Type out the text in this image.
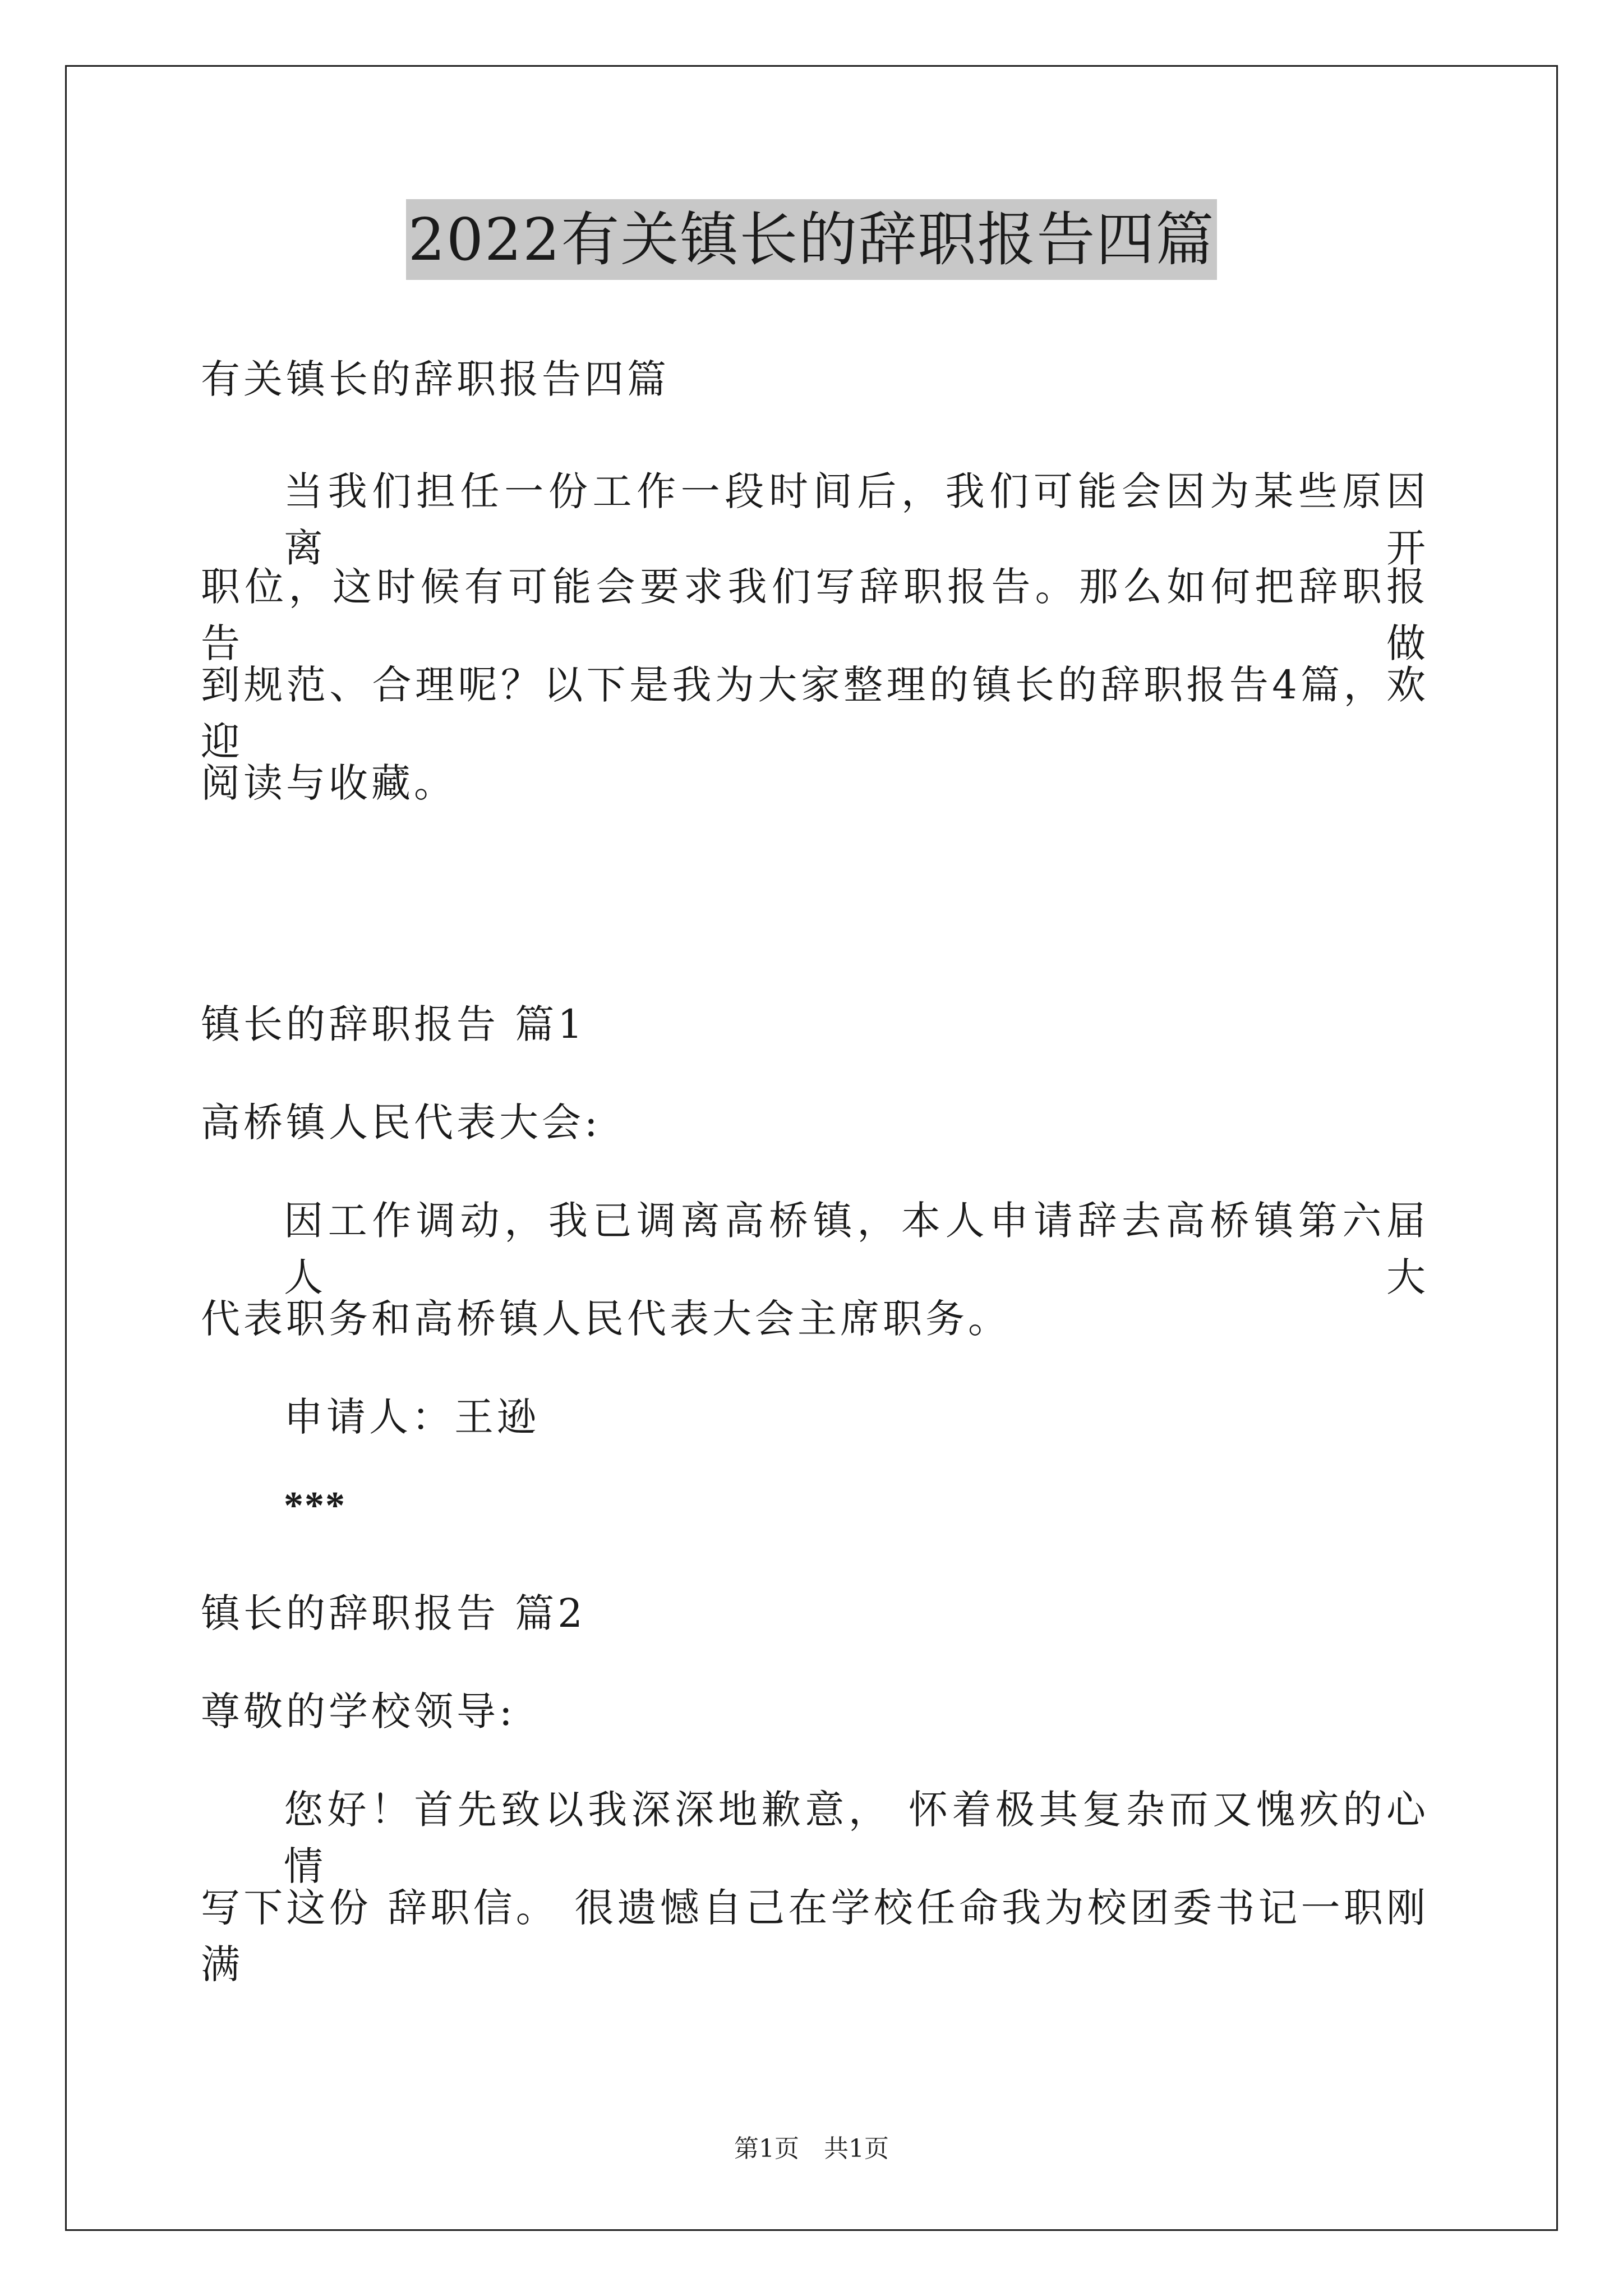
2022有关镇长的辞职报告四篇
有关镇长的辞职报告四篇
当我们担任一份工作一段时间后，我们可能会因为某些原因离开
职位，这时候有可能会要求我们写辞职报告。那么如何把辞职报告做
到规范、合理呢？以下是我为大家整理的镇长的辞职报告4篇，欢迎
阅读与收藏。
镇长的辞职报告 篇1
高桥镇人民代表大会:
因工作调动，我已调离高桥镇，本人申请辞去高桥镇第六届人大
代表职务和高桥镇人民代表大会主席职务。
申请人：王逊
***
镇长的辞职报告 篇2
尊敬的学校领导:
您好！首先致以我深深地歉意， 怀着极其复杂而又愧疚的心情
写下这份 辞职信。 很遗憾自己在学校任命我为校团委书记一职刚满
第1页　共1页
